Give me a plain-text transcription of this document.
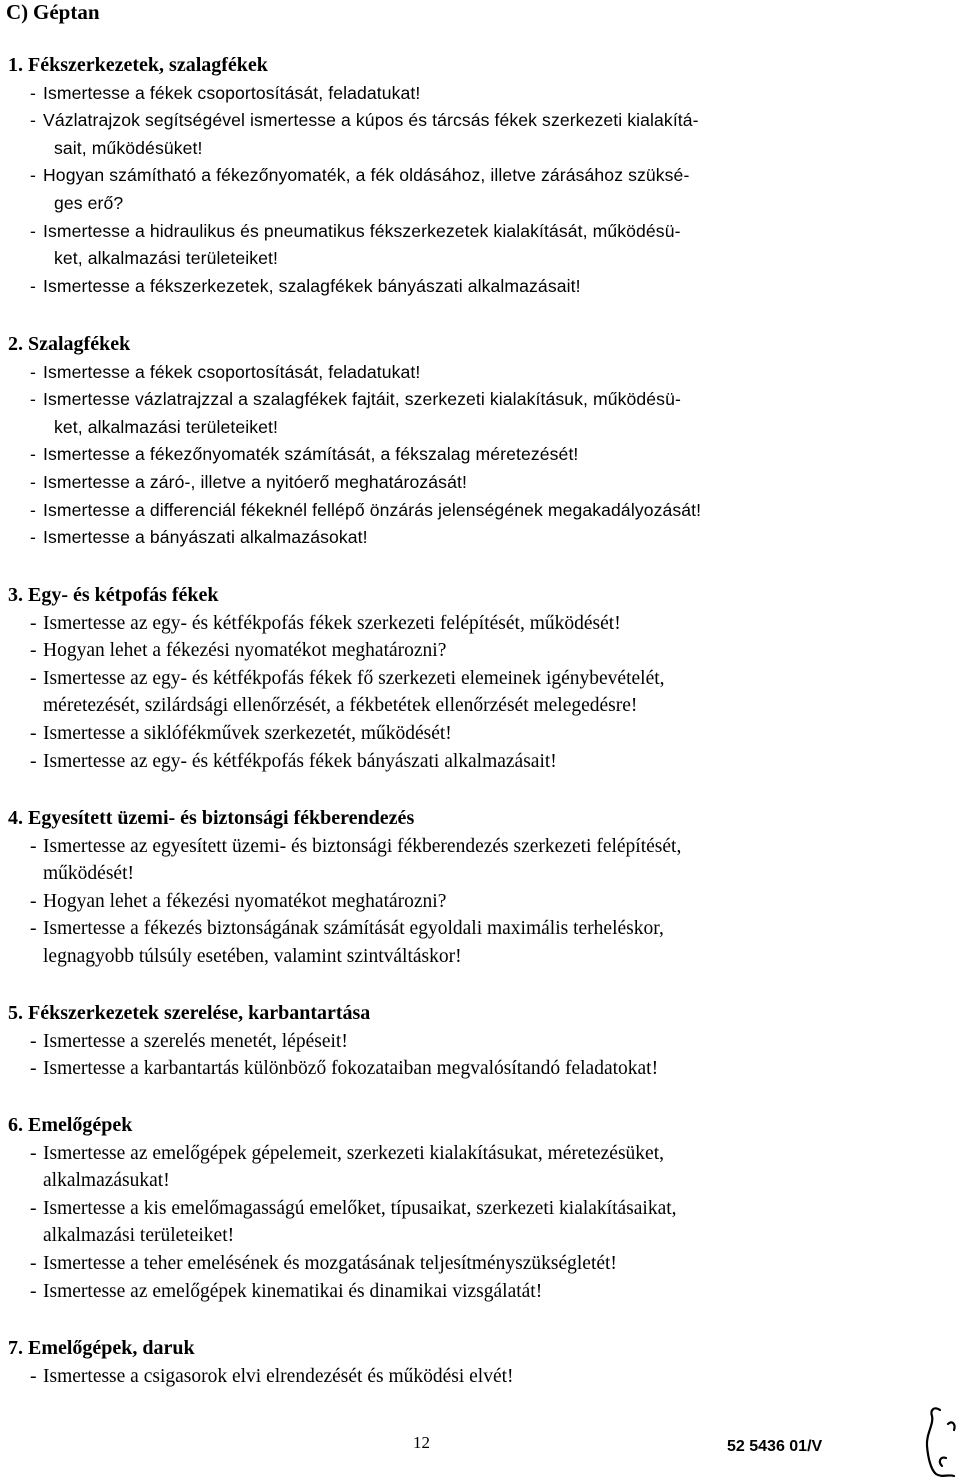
C) Géptan
1. Fékszerkezetek, szalagfékek
- Ismertesse a fékek csoportosítását, feladatukat!
- Vázlatrajzok segítségével ismertesse a kúpos és tárcsás fékek szerkezeti kialakítá-
sait, működésüket!
- Hogyan számítható a fékezőnyomaték, a fék oldásához, illetve zárásához szüksé-
ges erő?
- Ismertesse a hidraulikus és pneumatikus fékszerkezetek kialakítását, működésü-
ket, alkalmazási területeiket!
- Ismertesse a fékszerkezetek, szalagfékek bányászati alkalmazásait!
2. Szalagfékek
- Ismertesse a fékek csoportosítását, feladatukat!
- Ismertesse vázlatrajzzal a szalagfékek fajtáit, szerkezeti kialakításuk, működésü-
ket, alkalmazási területeiket!
- Ismertesse a fékezőnyomaték számítását, a fékszalag méretezését!
- Ismertesse a záró-, illetve a nyitóerő meghatározását!
- Ismertesse a differenciál fékeknél fellépő önzárás jelenségének megakadályozását!
- Ismertesse a bányászati alkalmazásokat!
3. Egy- és kétpofás fékek
- Ismertesse az egy- és kétfékpofás fékek szerkezeti felépítését, működését!
- Hogyan lehet a fékezési nyomatékot meghatározni?
- Ismertesse az egy- és kétfékpofás fékek fő szerkezeti elemeinek igénybevételét,
méretezését, szilárdsági ellenőrzését, a fékbetétek ellenőrzését melegedésre!
- Ismertesse a siklófékművek szerkezetét, működését!
- Ismertesse az egy- és kétfékpofás fékek bányászati alkalmazásait!
4. Egyesített üzemi- és biztonsági fékberendezés
- Ismertesse az egyesített üzemi- és biztonsági fékberendezés szerkezeti felépítését,
működését!
- Hogyan lehet a fékezési nyomatékot meghatározni?
- Ismertesse a fékezés biztonságának számítását egyoldali maximális terheléskor,
legnagyobb túlsúly esetében, valamint szintváltáskor!
5. Fékszerkezetek szerelése, karbantartása
- Ismertesse a szerelés menetét, lépéseit!
- Ismertesse a karbantartás különböző fokozataiban megvalósítandó feladatokat!
6. Emelőgépek
- Ismertesse az emelőgépek gépelemeit, szerkezeti kialakításukat, méretezésüket,
alkalmazásukat!
- Ismertesse a kis emelőmagasságú emelőket, típusaikat, szerkezeti kialakításaikat,
alkalmazási területeiket!
- Ismertesse a teher emelésének és mozgatásának teljesítményszükségletét!
- Ismertesse az emelőgépek kinematikai és dinamikai vizsgálatát!
7. Emelőgépek, daruk
- Ismertesse a csigasorok elvi elrendezését és működési elvét!
12	52 5436 01/V
